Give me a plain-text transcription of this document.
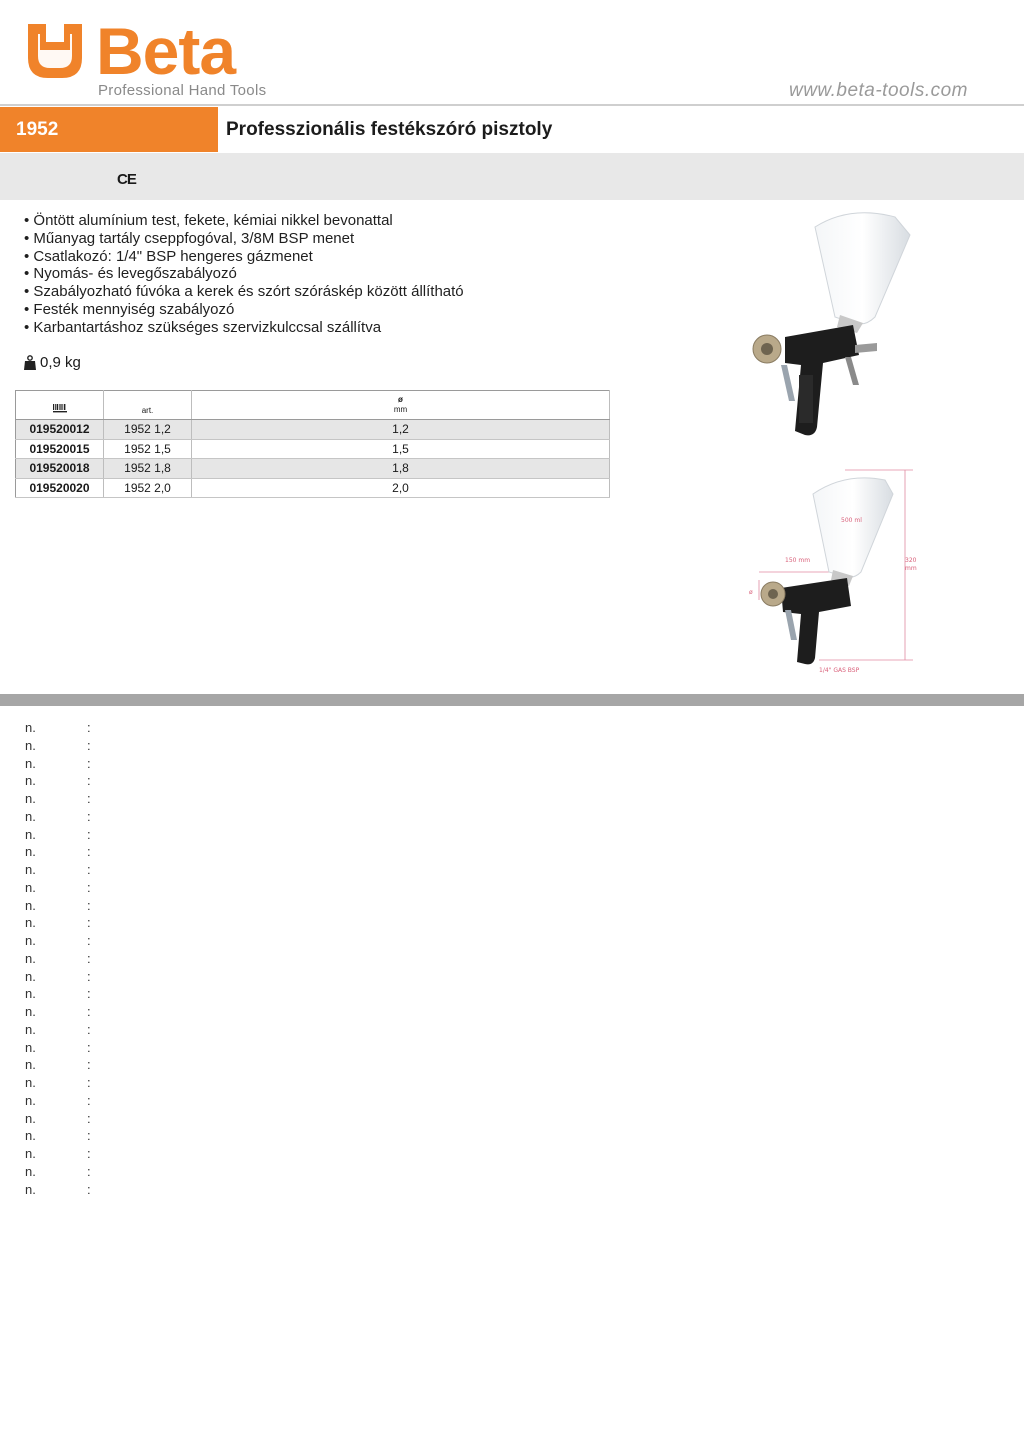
Beta
Professional Hand Tools	www.beta-tools.com
1952	Professzionális festékszóró pisztoly
CE
• Öntött alumínium test, fekete, kémiai nikkel bevonattal
• Műanyag tartály cseppfogóval, 3/8M BSP menet
• Csatlakozó: 1/4" BSP hengeres gázmenet
• Nyomás- és levegőszabályozó
• Szabályozható fúvóka a kerek és szórt szóráskép között állítható
• Festék mennyiség szabályozó
• Karbantartáshoz szükséges szervizkulccsal szállítva
0,9 kg
	art.	ø
mm

019520012	1952 1,2	1,2
019520015	1952 1,5	1,5
019520018	1952 1,8	1,8
019520020	1952 2,0	2,0
500 ml
150 mm	320
mm
1/4" GAS BSP
ø
n.	:
n.	:
n.	:
n.	:
n.	:
n.	:
n.	:
n.	:
n.	:
n.	:
n.	:
n.	:
n.	:
n.	:
n.	:
n.	:
n.	:
n.	:
n.	:
n.	:
n.	:
n.	:
n.	:
n.	:
n.	:
n.	:
n.	:
